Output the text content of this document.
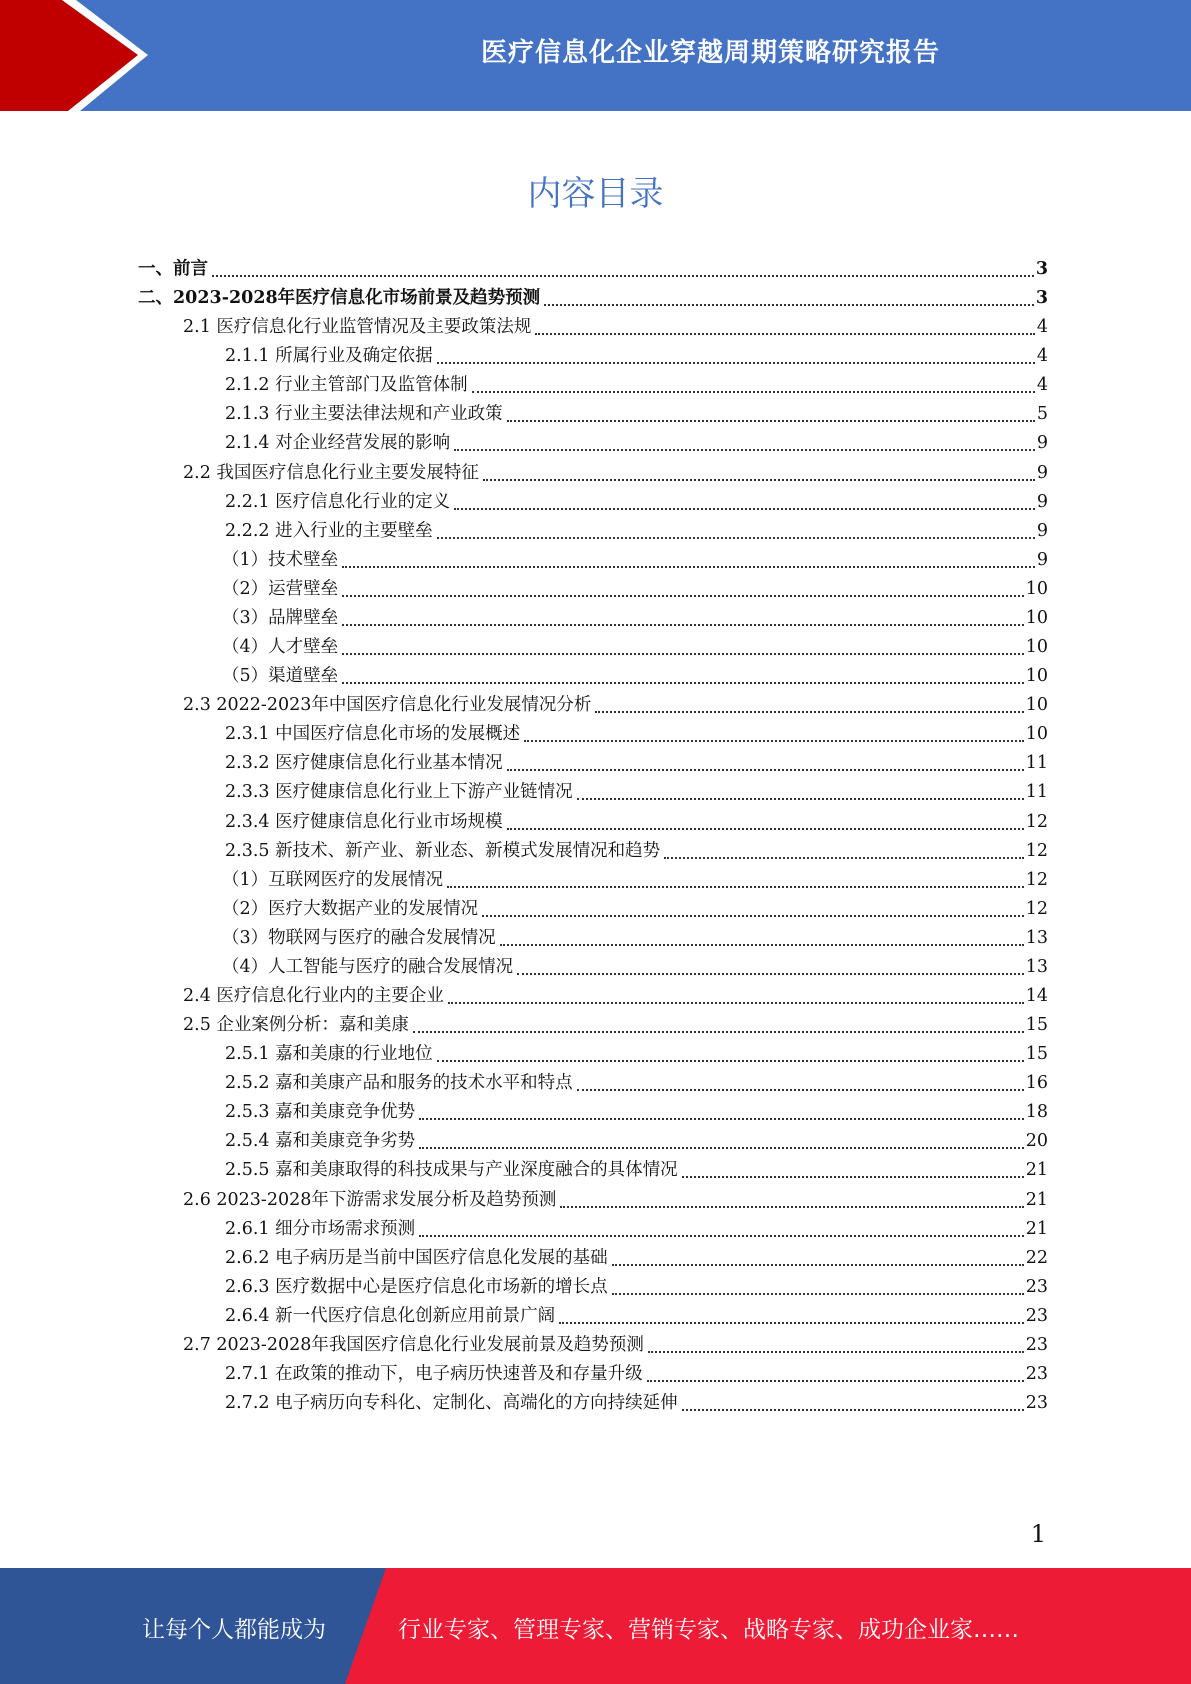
医疗信息化企业穿越周期策略研究报告
内容目录
一、前言	3
二、2023-2028年医疗信息化市场前景及趋势预测	3
2.1 医疗信息化行业监管情况及主要政策法规	4
2.1.1 所属行业及确定依据	4
2.1.2 行业主管部门及监管体制	4
2.1.3 行业主要法律法规和产业政策	5
2.1.4 对企业经营发展的影响	9
2.2 我国医疗信息化行业主要发展特征	9
2.2.1 医疗信息化行业的定义	9
2.2.2 进入行业的主要壁垒	9
（1）技术壁垒	9
（2）运营壁垒	10
（3）品牌壁垒	10
（4）人才壁垒	10
（5）渠道壁垒	10
2.3 2022-2023年中国医疗信息化行业发展情况分析	10
2.3.1 中国医疗信息化市场的发展概述	10
2.3.2 医疗健康信息化行业基本情况	11
2.3.3 医疗健康信息化行业上下游产业链情况	11
2.3.4 医疗健康信息化行业市场规模	12
2.3.5 新技术、新产业、新业态、新模式发展情况和趋势	12
（1）互联网医疗的发展情况	12
（2）医疗大数据产业的发展情况	12
（3）物联网与医疗的融合发展情况	13
（4）人工智能与医疗的融合发展情况	13
2.4 医疗信息化行业内的主要企业	14
2.5 企业案例分析：嘉和美康	15
2.5.1 嘉和美康的行业地位	15
2.5.2 嘉和美康产品和服务的技术水平和特点	16
2.5.3 嘉和美康竞争优势	18
2.5.4 嘉和美康竞争劣势	20
2.5.5 嘉和美康取得的科技成果与产业深度融合的具体情况	21
2.6 2023-2028年下游需求发展分析及趋势预测	21
2.6.1 细分市场需求预测	21
2.6.2 电子病历是当前中国医疗信息化发展的基础	22
2.6.3 医疗数据中心是医疗信息化市场新的增长点	23
2.6.4 新一代医疗信息化创新应用前景广阔	23
2.7 2023-2028年我国医疗信息化行业发展前景及趋势预测	23
2.7.1 在政策的推动下，电子病历快速普及和存量升级	23
2.7.2 电子病历向专科化、定制化、高端化的方向持续延伸	23
1
让每个人都能成为	行业专家、管理专家、营销专家、战略专家、成功企业家……
